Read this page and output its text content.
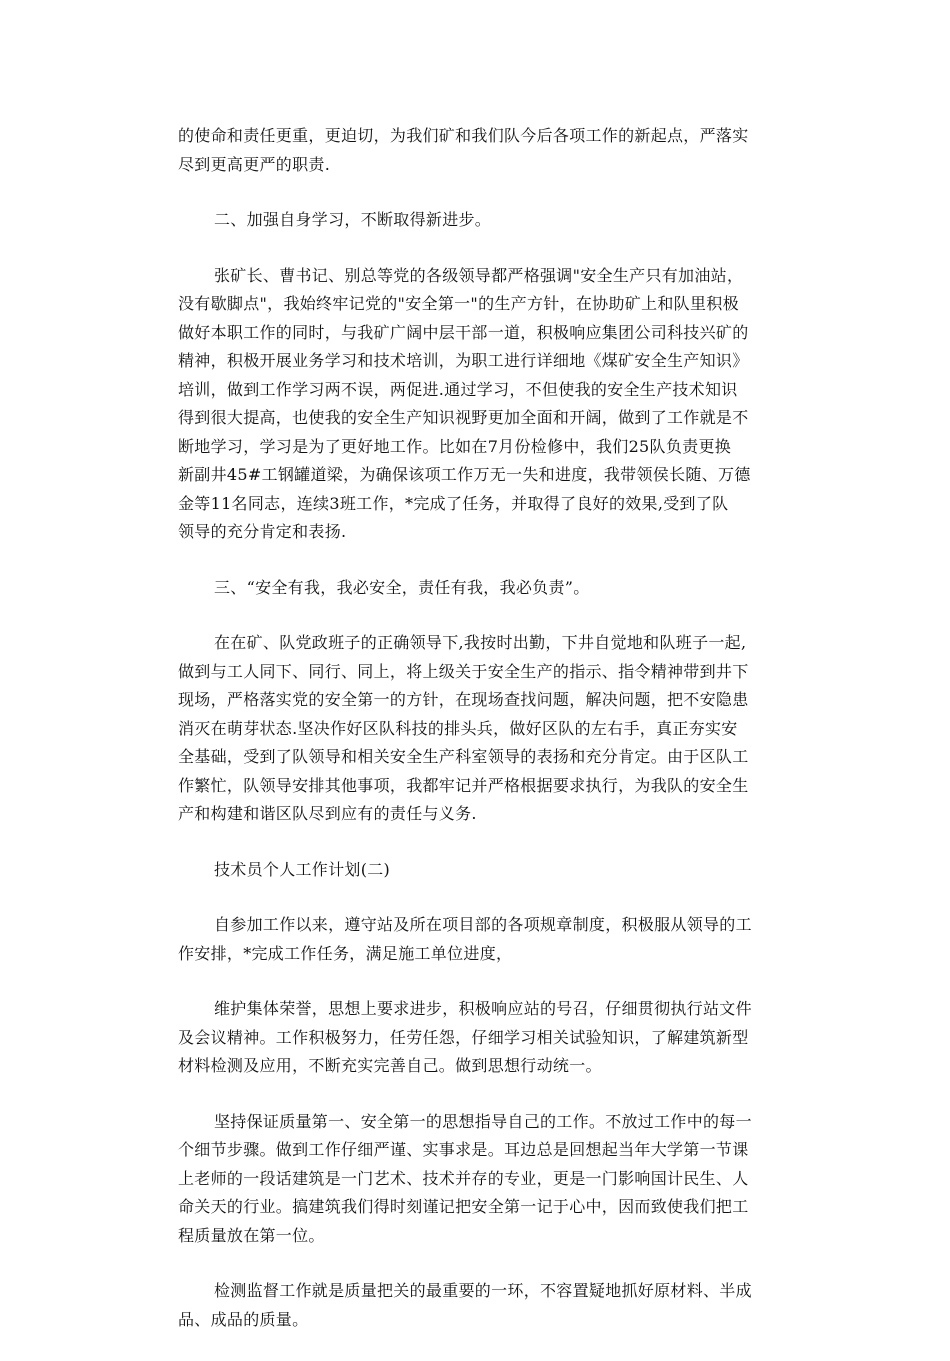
的使命和责任更重，更迫切，为我们矿和我们队今后各项工作的新起点，严落实
尽到更高更严的职责.
二、加强自身学习，不断取得新进步。
张矿长、曹书记、别总等党的各级领导都严格强调"安全生产只有加油站，
没有歇脚点"，我始终牢记党的"安全第一"的生产方针，在协助矿上和队里积极
做好本职工作的同时，与我矿广阔中层干部一道，积极响应集团公司科技兴矿的
精神，积极开展业务学习和技术培训，为职工进行详细地《煤矿安全生产知识》
培训，做到工作学习两不误，两促进.通过学习，不但使我的安全生产技术知识
得到很大提高，也使我的安全生产知识视野更加全面和开阔，做到了工作就是不
断地学习，学习是为了更好地工作。比如在7月份检修中，我们25队负责更换
新副井45#工钢罐道梁，为确保该项工作万无一失和进度，我带领侯长随、万德
金等11名同志，连续3班工作，*完成了任务，并取得了良好的效果,受到了队
领导的充分肯定和表扬.
三、“安全有我，我必安全，责任有我，我必负责”。
在在矿、队党政班子的正确领导下,我按时出勤，下井自觉地和队班子一起,
做到与工人同下、同行、同上，将上级关于安全生产的指示、指令精神带到井下
现场，严格落实党的安全第一的方针，在现场查找问题，解决问题，把不安隐患
消灭在萌芽状态.坚决作好区队科技的排头兵，做好区队的左右手，真正夯实安
全基础，受到了队领导和相关安全生产科室领导的表扬和充分肯定。由于区队工
作繁忙，队领导安排其他事项，我都牢记并严格根据要求执行，为我队的安全生
产和构建和谐区队尽到应有的责任与义务.
技术员个人工作计划(二)
自参加工作以来，遵守站及所在项目部的各项规章制度，积极服从领导的工
作安排，*完成工作任务，满足施工单位进度，
维护集体荣誉，思想上要求进步，积极响应站的号召，仔细贯彻执行站文件
及会议精神。工作积极努力，任劳任怨，仔细学习相关试验知识，了解建筑新型
材料检测及应用，不断充实完善自己。做到思想行动统一。
坚持保证质量第一、安全第一的思想指导自己的工作。不放过工作中的每一
个细节步骤。做到工作仔细严谨、实事求是。耳边总是回想起当年大学第一节课
上老师的一段话建筑是一门艺术、技术并存的专业，更是一门影响国计民生、人
命关天的行业。搞建筑我们得时刻谨记把安全第一记于心中，因而致使我们把工
程质量放在第一位。
检测监督工作就是质量把关的最重要的一环，不容置疑地抓好原材料、半成
品、成品的质量。
